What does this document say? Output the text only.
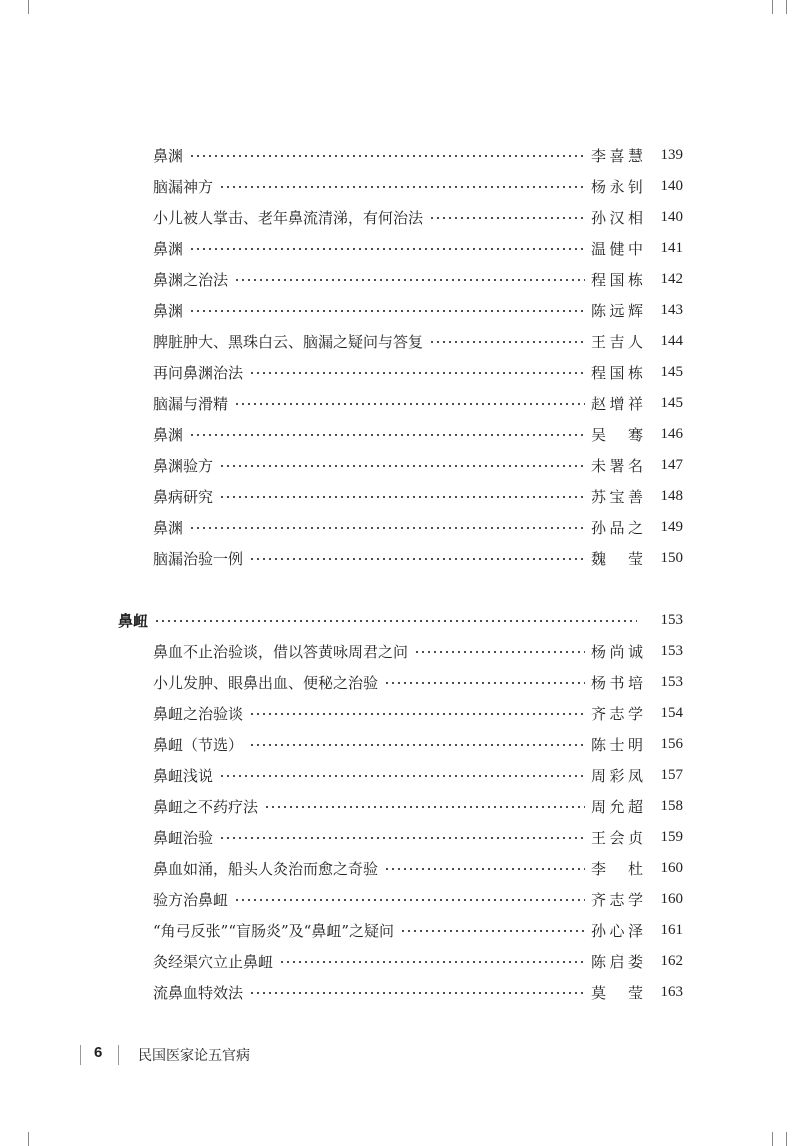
鼻渊	李喜慧	139
脑漏神方	杨永钊	140
小儿被人掌击、老年鼻流清涕，有何治法	孙汉相	140
鼻渊	温健中	141
鼻渊之治法	程国栋	142
鼻渊	陈远辉	143
脾脏肿大、黑珠白云、脑漏之疑问与答复	王吉人	144
再问鼻渊治法	程国栋	145
脑漏与滑精	赵增祥	145
鼻渊	吴　骞	146
鼻渊验方	未署名	147
鼻病研究	苏宝善	148
鼻渊	孙品之	149
脑漏治验一例	魏　莹	150
鼻衄	153
鼻血不止治验谈，借以答黄咏周君之问	杨尚诚	153
小儿发肿、眼鼻出血、便秘之治验	杨书培	153
鼻衄之治验谈	齐志学	154
鼻衄（节选）	陈士明	156
鼻衄浅说	周彩凤	157
鼻衄之不药疗法	周允超	158
鼻衄治验	王会贞	159
鼻血如涌，船头人灸治而愈之奇验	李　杜	160
验方治鼻衄	齐志学	160
“角弓反张”“盲肠炎”及“鼻衄”之疑问	孙心泽	161
灸经渠穴立止鼻衄	陈启娄	162
流鼻血特效法	莫　莹	163
6	民国医家论五官病
